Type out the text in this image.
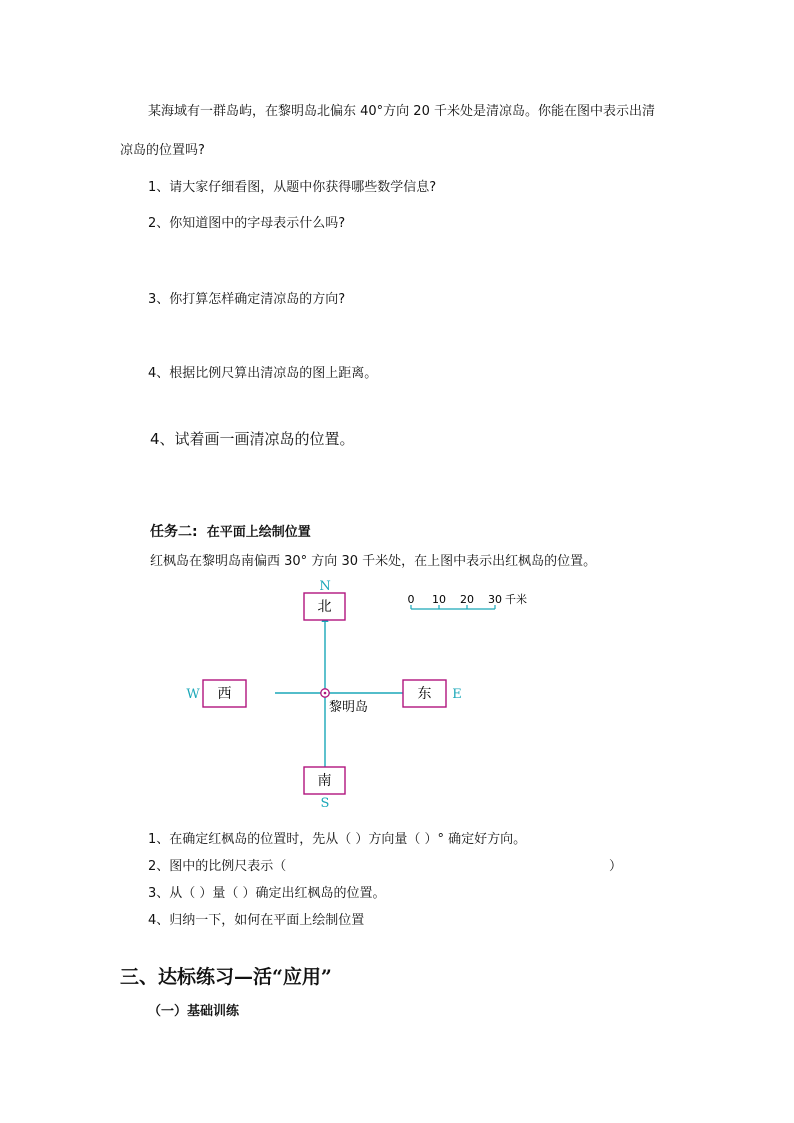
某海域有一群岛屿，在黎明岛北偏东 40°方向 20 千米处是清凉岛。你能在图中表示出清
凉岛的位置吗?
1、请大家仔细看图，从题中你获得哪些数学信息?
2、你知道图中的字母表示什么吗?
3、你打算怎样确定清凉岛的方向?
4、根据比例尺算出清凉岛的图上距离。
4、试着画一画清凉岛的位置。
任务二: 在平面上绘制位置
红枫岛在黎明岛南偏西 30° 方向 30 千米处，在上图中表示出红枫岛的位置。
北
南
西	东
N
S
W	E
黎明岛
0 10 20 30 千米
1、在确定红枫岛的位置时，先从（ ）方向量（ ）° 确定好方向。
2、图中的比例尺表示（	）
3、从（ ）量（ ）确定出红枫岛的位置。
4、归纳一下，如何在平面上绘制位置
三、达标练习—活“应用”
（一）基础训练
